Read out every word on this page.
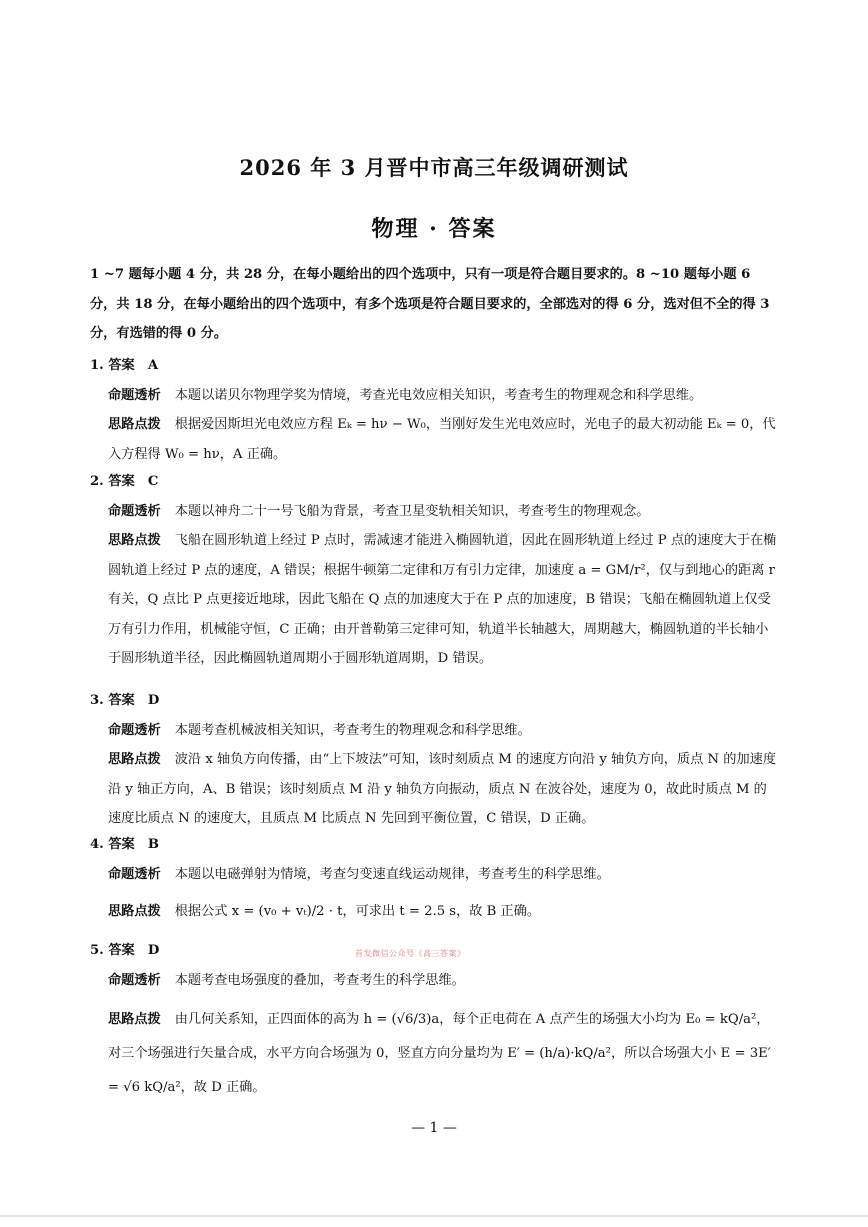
2026 年 3 月晋中市高三年级调研测试
物理 · 答案
1 ~7 题每小题 4 分，共 28 分，在每小题给出的四个选项中，只有一项是符合题目要求的。8 ~10 题每小题 6 分，共 18 分，在每小题给出的四个选项中，有多个选项是符合题目要求的，全部选对的得 6 分，选对但不全的得 3 分，有选错的得 0 分。
1. 答案　A
命题透析 本题以诺贝尔物理学奖为情境，考查光电效应相关知识，考查考生的物理观念和科学思维。
思路点拨 根据爱因斯坦光电效应方程 Eₖ = hν − W₀，当刚好发生光电效应时，光电子的最大初动能 Eₖ = 0，代入方程得 W₀ = hν，A 正确。
2. 答案　C
命题透析 本题以神舟二十一号飞船为背景，考查卫星变轨相关知识，考查考生的物理观念。
思路点拨 飞船在圆形轨道上经过 P 点时，需减速才能进入椭圆轨道，因此在圆形轨道上经过 P 点的速度大于在椭圆轨道上经过 P 点的速度，A 错误；根据牛顿第二定律和万有引力定律，加速度 a = GM/r²，仅与到地心的距离 r 有关，Q 点比 P 点更接近地球，因此飞船在 Q 点的加速度大于在 P 点的加速度，B 错误；飞船在椭圆轨道上仅受万有引力作用，机械能守恒，C 正确；由开普勒第三定律可知，轨道半长轴越大，周期越大，椭圆轨道的半长轴小于圆形轨道半径，因此椭圆轨道周期小于圆形轨道周期，D 错误。
3. 答案　D
命题透析 本题考查机械波相关知识，考查考生的物理观念和科学思维。
思路点拨 波沿 x 轴负方向传播，由“上下坡法”可知，该时刻质点 M 的速度方向沿 y 轴负方向，质点 N 的加速度沿 y 轴正方向，A、B 错误；该时刻质点 M 沿 y 轴负方向振动，质点 N 在波谷处，速度为 0，故此时质点 M 的速度比质点 N 的速度大，且质点 M 比质点 N 先回到平衡位置，C 错误，D 正确。
4. 答案　B
命题透析 本题以电磁弹射为情境，考查匀变速直线运动规律，考查考生的科学思维。
思路点拨 根据公式 x = (v₀ + vₜ)/2 · t，可求出 t = 2.5 s，故 B 正确。
5. 答案　D
命题透析 本题考查电场强度的叠加，考查考生的科学思维。
思路点拨 由几何关系知，正四面体的高为 h = (√6/3)a，每个正电荷在 A 点产生的场强大小均为 E₀ = kQ/a²，对三个场强进行矢量合成，水平方向合场强为 0，竖直方向分量均为 E′ = (h/a)·kQ/a²，所以合场强大小 E = 3E′ = √6 kQ/a²，故 D 正确。
首发微信公众号《高三答案》
— 1 —
